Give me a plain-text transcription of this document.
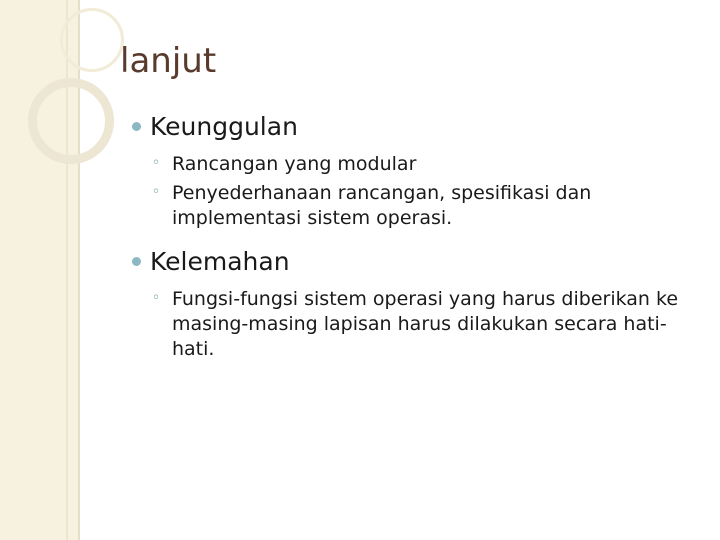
lanjut
Keunggulan
◦ Rancangan yang modular
◦ Penyederhanaan rancangan, spesifikasi dan implementasi sistem operasi.
Kelemahan
◦ Fungsi-fungsi sistem operasi yang harus diberikan ke masing-masing lapisan harus dilakukan secara hati-hati.
